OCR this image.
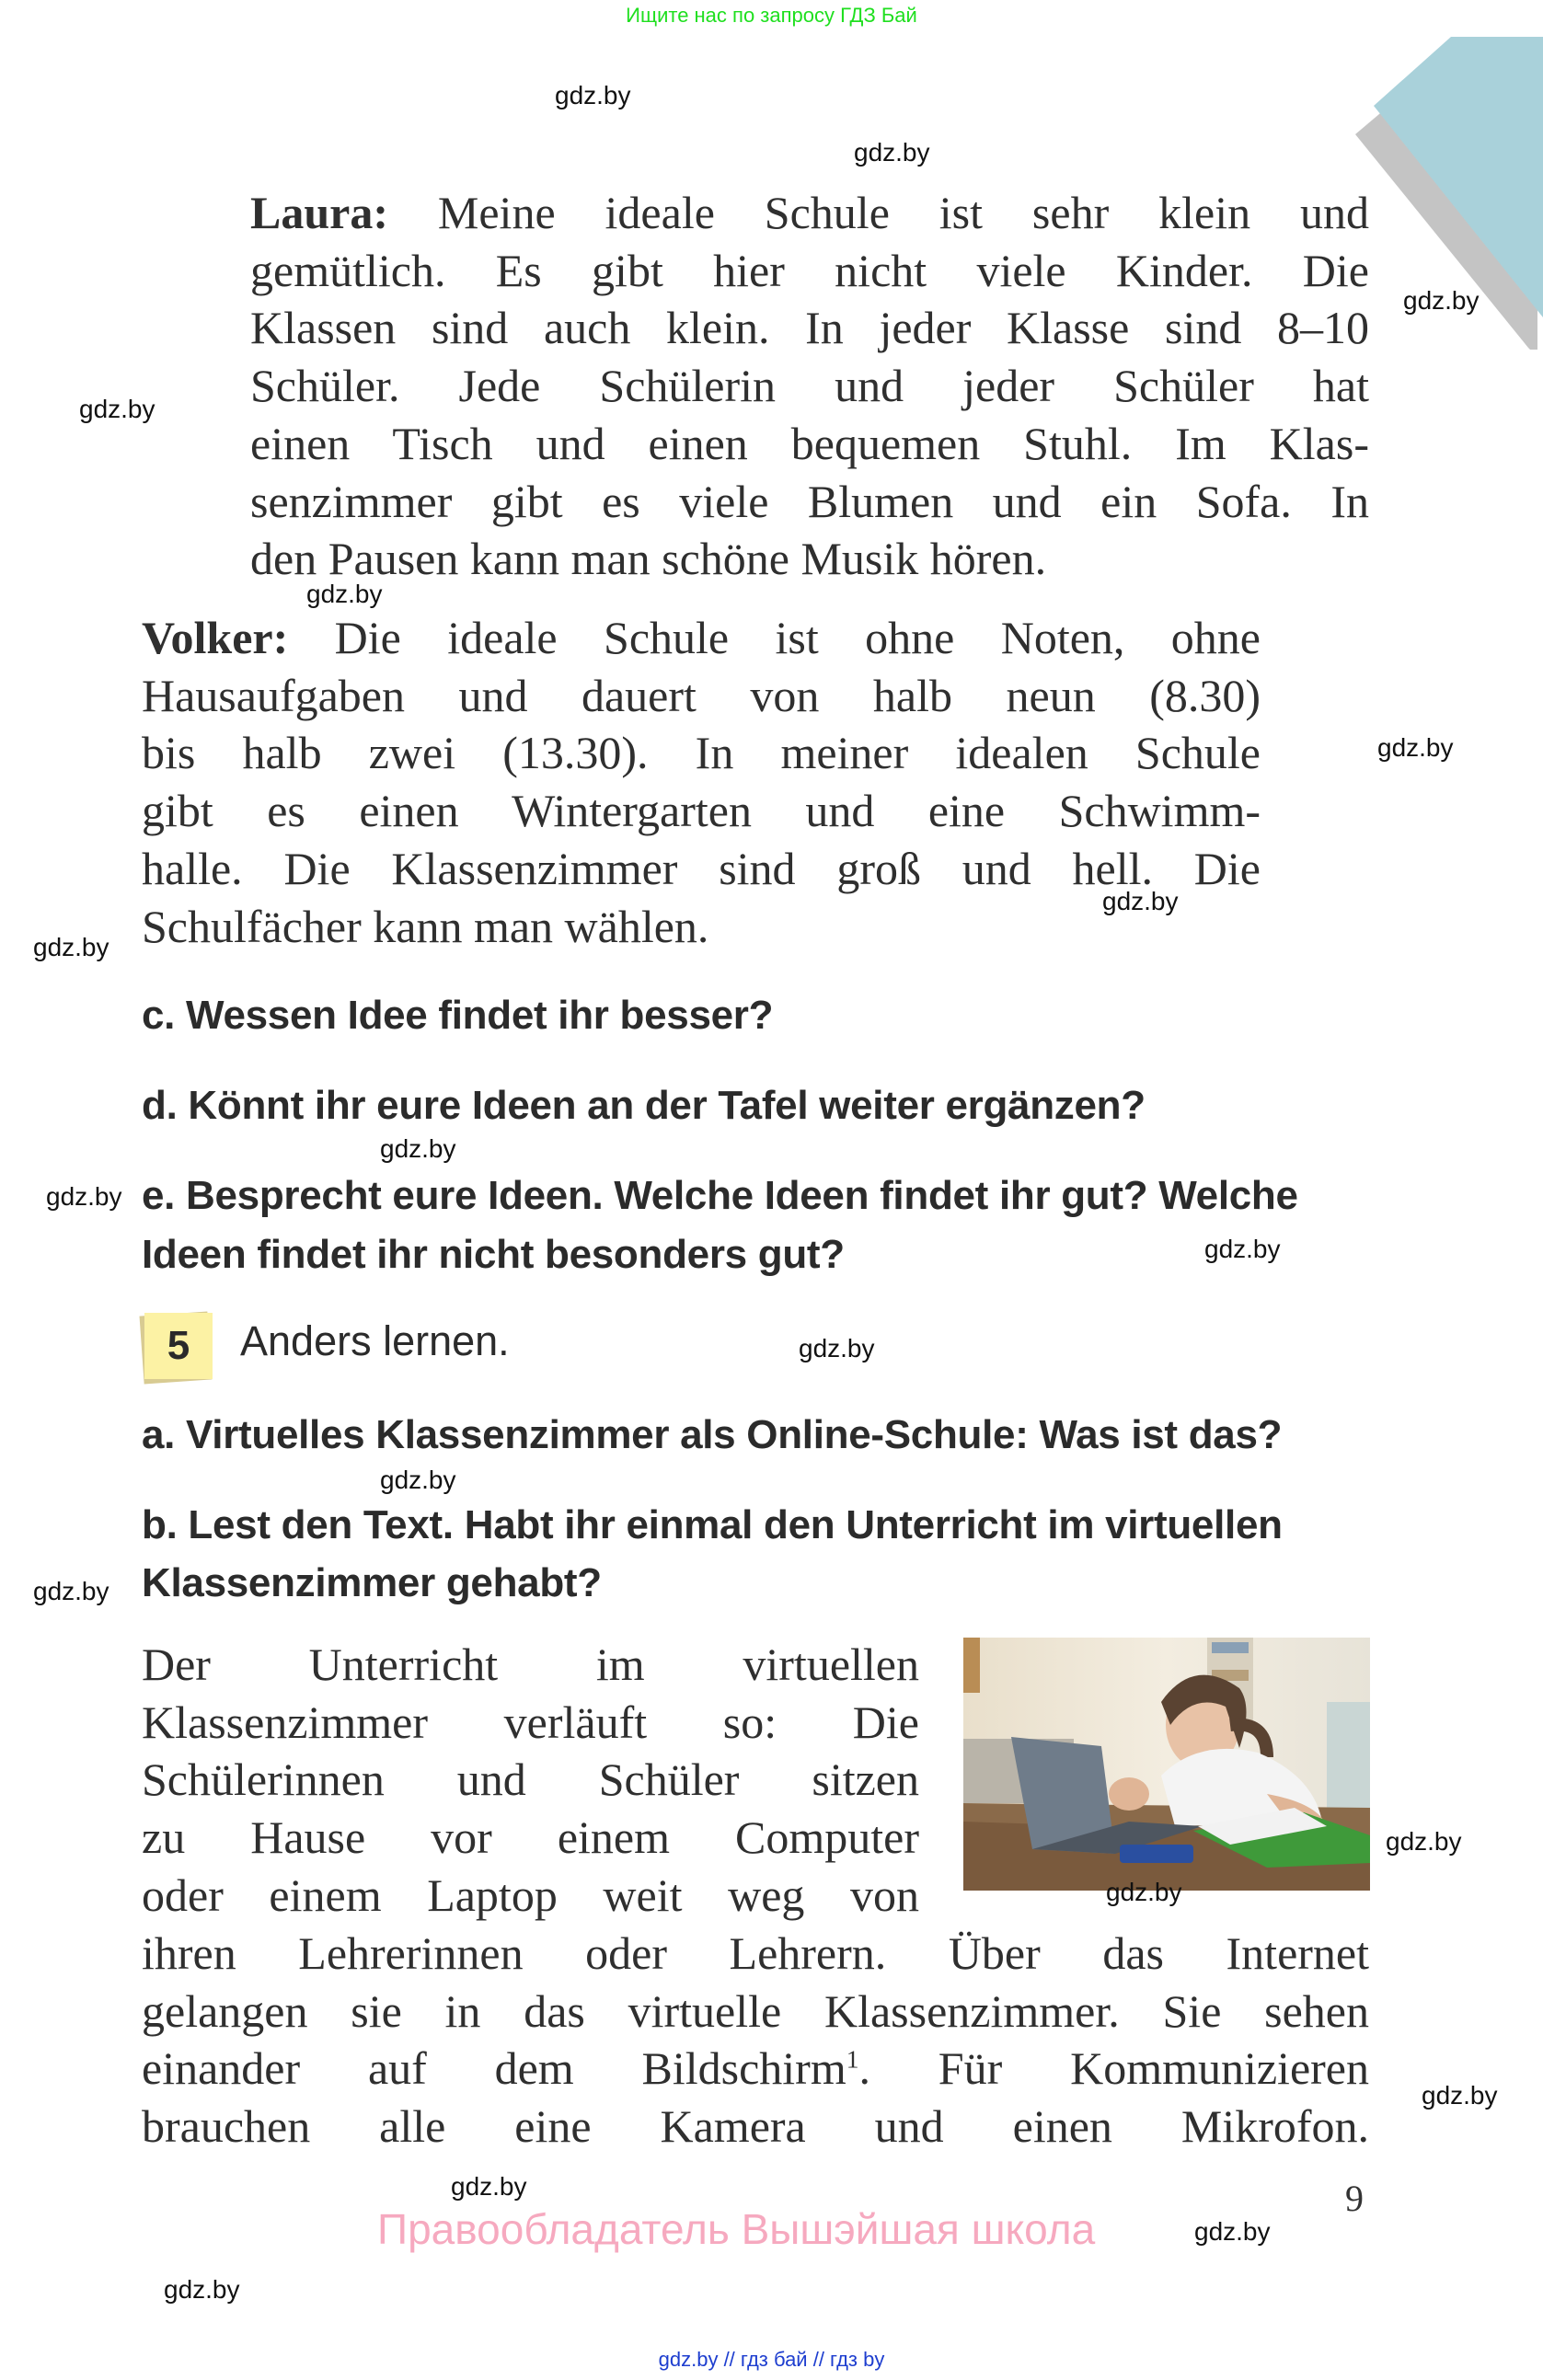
Ищите нас по запросу ГДЗ Бай

Laura: Meine ideale Schule ist sehr klein und

gemütlich. Es gibt hier nicht viele Kinder. Die

Klassen sind auch klein. In jeder Klasse sind 8–10

Schüler. Jede Schülerin und jeder Schüler hat

einen Tisch und einen bequemen Stuhl. Im Klas-

senzimmer gibt es viele Blumen und ein Sofa. In

den Pausen kann man schöne Musik hören.

Volker: Die ideale Schule ist ohne Noten, ohne

Hausaufgaben und dauert von halb neun (8.30)

bis halb zwei (13.30). In meiner idealen Schule

gibt es einen Wintergarten und eine Schwimm-

halle. Die Klassenzimmer sind groß und hell. Die

Schulfächer kann man wählen.

c. Wessen Idee findet ihr besser?

d. Könnt ihr eure Ideen an der Tafel weiter ergänzen?

e. Besprecht eure Ideen. Welche Ideen findet ihr gut? Welche

Ideen findet ihr nicht besonders gut?

5	Anders lernen.

a. Virtuelles Klassenzimmer als Online-Schule: Was ist das?

b. Lest den Text. Habt ihr einmal den Unterricht im virtuellen

Klassenzimmer gehabt?

Der Unterricht im virtuellen

Klassenzimmer verläuft so: Die

Schülerinnen und Schüler sitzen

zu Hause vor einem Computer

oder einem Laptop weit weg von

ihren Lehrerinnen oder Lehrern. Über das Internet

gelangen sie in das virtuelle Klassenzimmer. Sie sehen

einander auf dem Bildschirm$^1$. Für Kommunizieren

brauchen alle eine Kamera und einen Mikrofon.

9
Правообладатель Вышэйшая школа
gdz.by // гдз бай // гдз by
gdz.by
gdz.by
gdz.by
gdz.by
gdz.by
gdz.by
gdz.by
gdz.by
gdz.by
gdz.by
gdz.by
gdz.by
gdz.by
gdz.by
gdz.by
gdz.by
gdz.by
gdz.by
gdz.by
gdz.by
